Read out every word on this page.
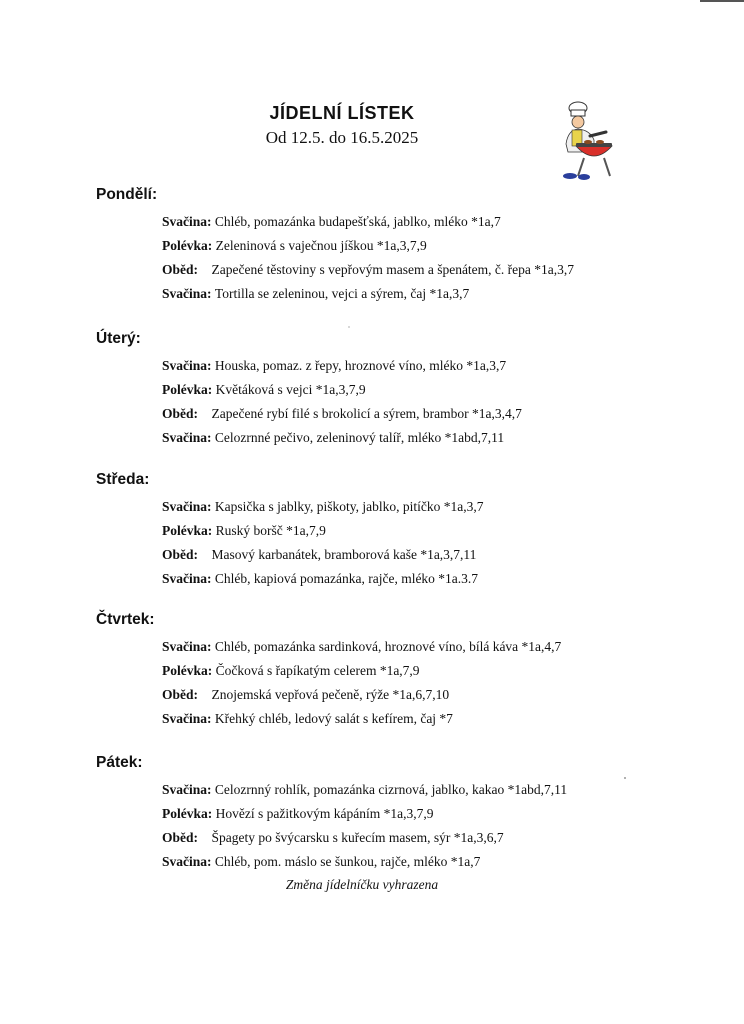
JÍDELNÍ LÍSTEK
Od 12.5. do 16.5.2025
Pondělí:
Svačina: Chléb, pomazánka budapešťská, jablko, mléko *1a,7
Polévka: Zeleninová s vaječnou jíškou *1a,3,7,9
Oběd: Zapečené těstoviny s vepřovým masem a špenátem, č. řepa *1a,3,7
Svačina: Tortilla se zeleninou, vejci a sýrem, čaj *1a,3,7
Úterý:
Svačina: Houska, pomaz. z řepy, hroznové víno, mléko *1a,3,7
Polévka: Květáková s vejci *1a,3,7,9
Oběd: Zapečené rybí filé s brokolicí a sýrem, brambor *1a,3,4,7
Svačina: Celozrnné pečivo, zeleninový talíř, mléko *1abd,7,11
Středa:
Svačina: Kapsička s jablky, piškoty, jablko, pitíčko *1a,3,7
Polévka: Ruský boršč *1a,7,9
Oběd: Masový karbanátek, bramborová kaše *1a,3,7,11
Svačina: Chléb, kapiová pomazánka, rajče, mléko *1a.3.7
Čtvrtek:
Svačina: Chléb, pomazánka sardinková, hroznové víno, bílá káva *1a,4,7
Polévka: Čočková s řapíkatým celerem *1a,7,9
Oběd: Znojemská vepřová pečeně, rýže *1a,6,7,10
Svačina: Křehký chléb, ledový salát s kefírem, čaj *7
Pátek:
Svačina: Celozrnný rohlík, pomazánka cizrnová, jablko, kakao *1abd,7,11
Polévka: Hovězí s pažitkovým kápáním *1a,3,7,9
Oběd: Špagety po švýcarsku s kuřecím masem, sýr *1a,3,6,7
Svačina: Chléb, pom. máslo se šunkou, rajče, mléko *1a,7
Změna jídelníčku vyhrazena
